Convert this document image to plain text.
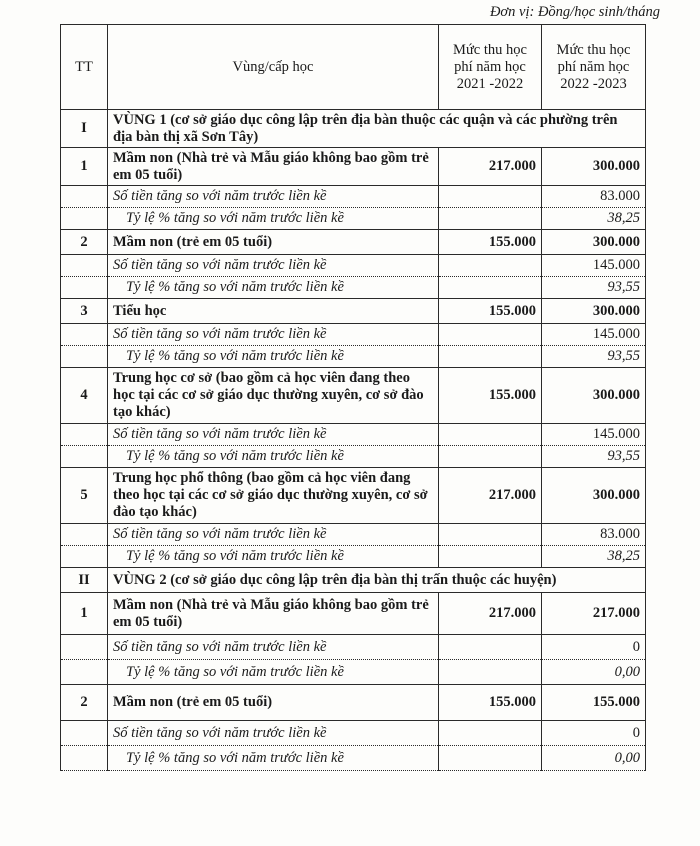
Đơn vị: Đồng/học sinh/tháng
TT	Vùng/cấp học	Mức thu học phí năm học 2021 -2022	Mức thu học phí năm học 2022 -2023
I	VÙNG 1 (cơ sở giáo dục công lập trên địa bàn thuộc các quận và các phường trên địa bàn thị xã Sơn Tây)		
1	Mầm non (Nhà trẻ và Mẫu giáo không bao gồm trẻ em 05 tuổi)	217.000	300.000
	Số tiền tăng so với năm trước liền kề		83.000
	Tỷ lệ % tăng so với năm trước liền kề		38,25
2	Mầm non (trẻ em 05 tuổi)	155.000	300.000
	Số tiền tăng so với năm trước liền kề		145.000
	Tỷ lệ % tăng so với năm trước liền kề		93,55
3	Tiểu học	155.000	300.000
	Số tiền tăng so với năm trước liền kề		145.000
	Tỷ lệ % tăng so với năm trước liền kề		93,55
4	Trung học cơ sở (bao gồm cả học viên đang theo học tại các cơ sở giáo dục thường xuyên, cơ sở đào tạo khác)	155.000	300.000
	Số tiền tăng so với năm trước liền kề		145.000
	Tỷ lệ % tăng so với năm trước liền kề		93,55
5	Trung học phổ thông (bao gồm cả học viên đang theo học tại các cơ sở giáo dục thường xuyên, cơ sở đào tạo khác)	217.000	300.000
	Số tiền tăng so với năm trước liền kề		83.000
	Tỷ lệ % tăng so với năm trước liền kề		38,25
II	VÙNG 2 (cơ sở giáo dục công lập trên địa bàn thị trấn thuộc các huyện)		
1	Mầm non (Nhà trẻ và Mẫu giáo không bao gồm trẻ em 05 tuổi)	217.000	217.000
	Số tiền tăng so với năm trước liền kề		0
	Tỷ lệ % tăng so với năm trước liền kề		0,00
2	Mầm non (trẻ em 05 tuổi)	155.000	155.000
	Số tiền tăng so với năm trước liền kề		0
	Tỷ lệ % tăng so với năm trước liền kề		0,00
